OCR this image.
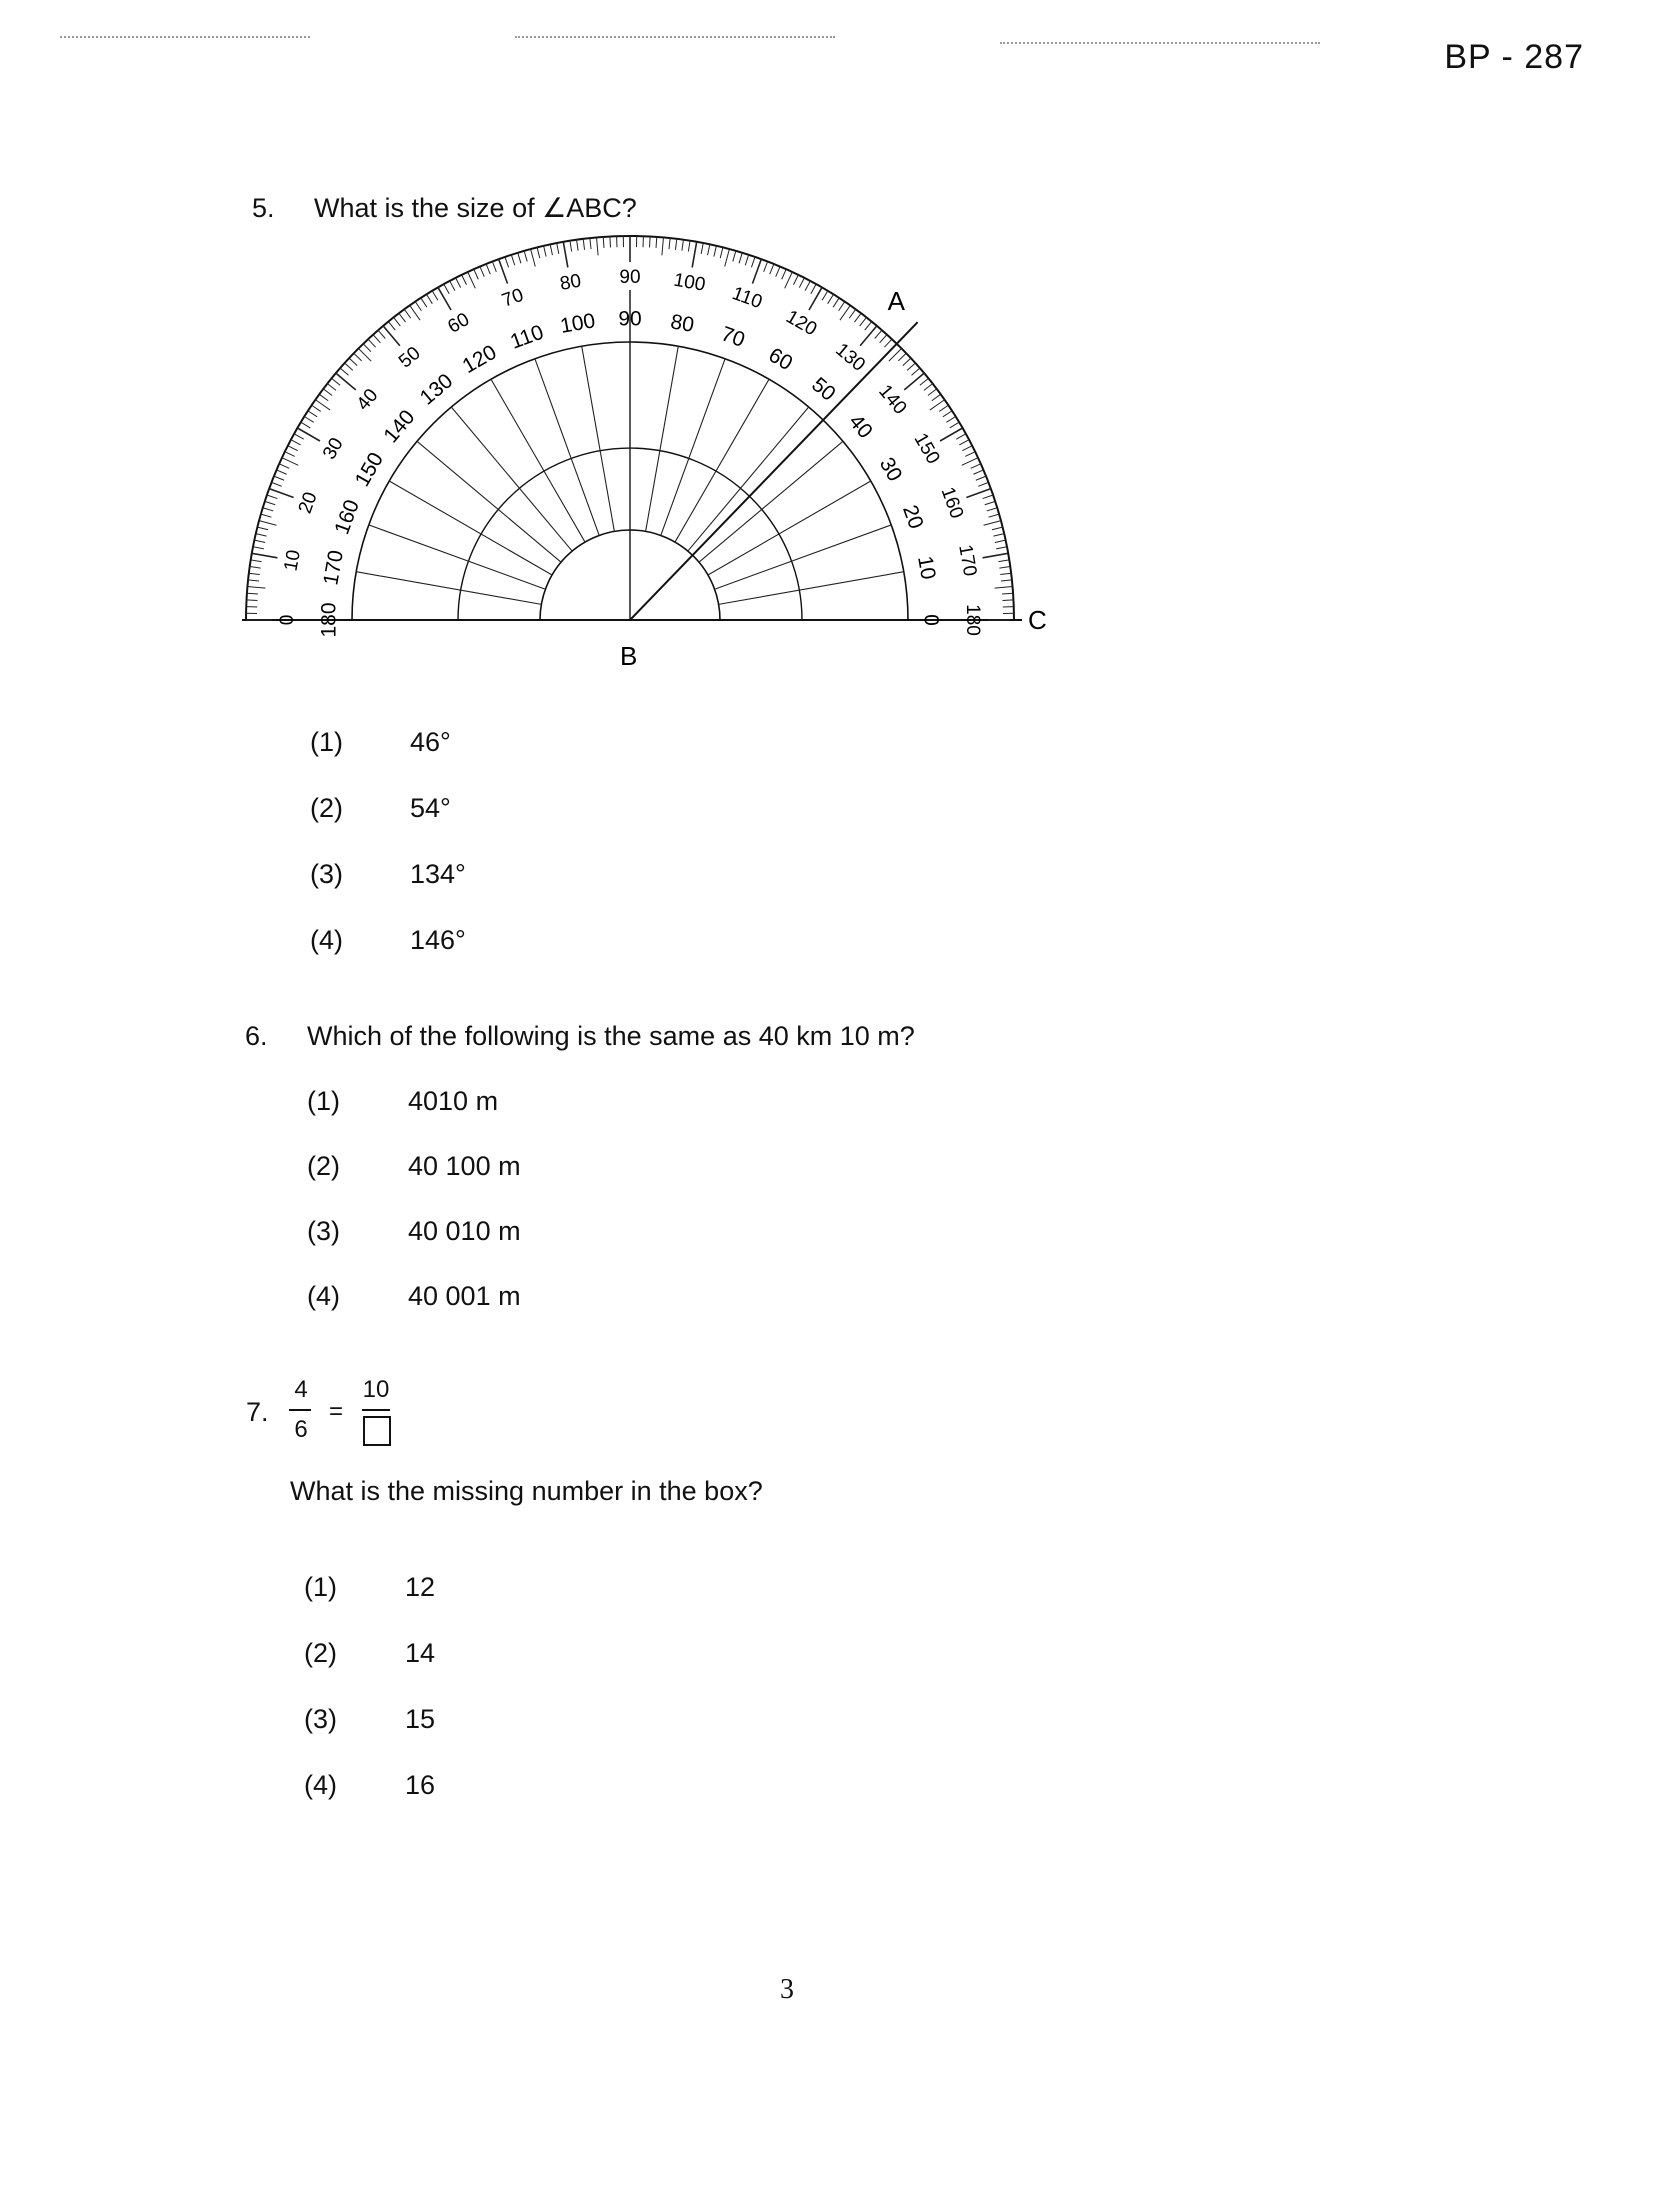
BP - 287
5. What is the size of ∠ABC?
0
10
20
30
40
50
60
70
80 90 100
110
120
130
140
150
160
170
180
180
170
160
150
140
130
120
110 100 90 80 70
60
50
40
30
20
10
0
A
B
C
(1) 46°
(2) 54°
(3) 134°
(4) 146°
6. Which of the following is the same as 40 km 10 m?
(1)	4010 m
(2)	40 100 m
(3)	40 010 m
(4)	40 001 m
7.
4
6
=
10
What is the missing number in the box?
(1)	12
(2)	14
(3)	15
(4)	16
3
